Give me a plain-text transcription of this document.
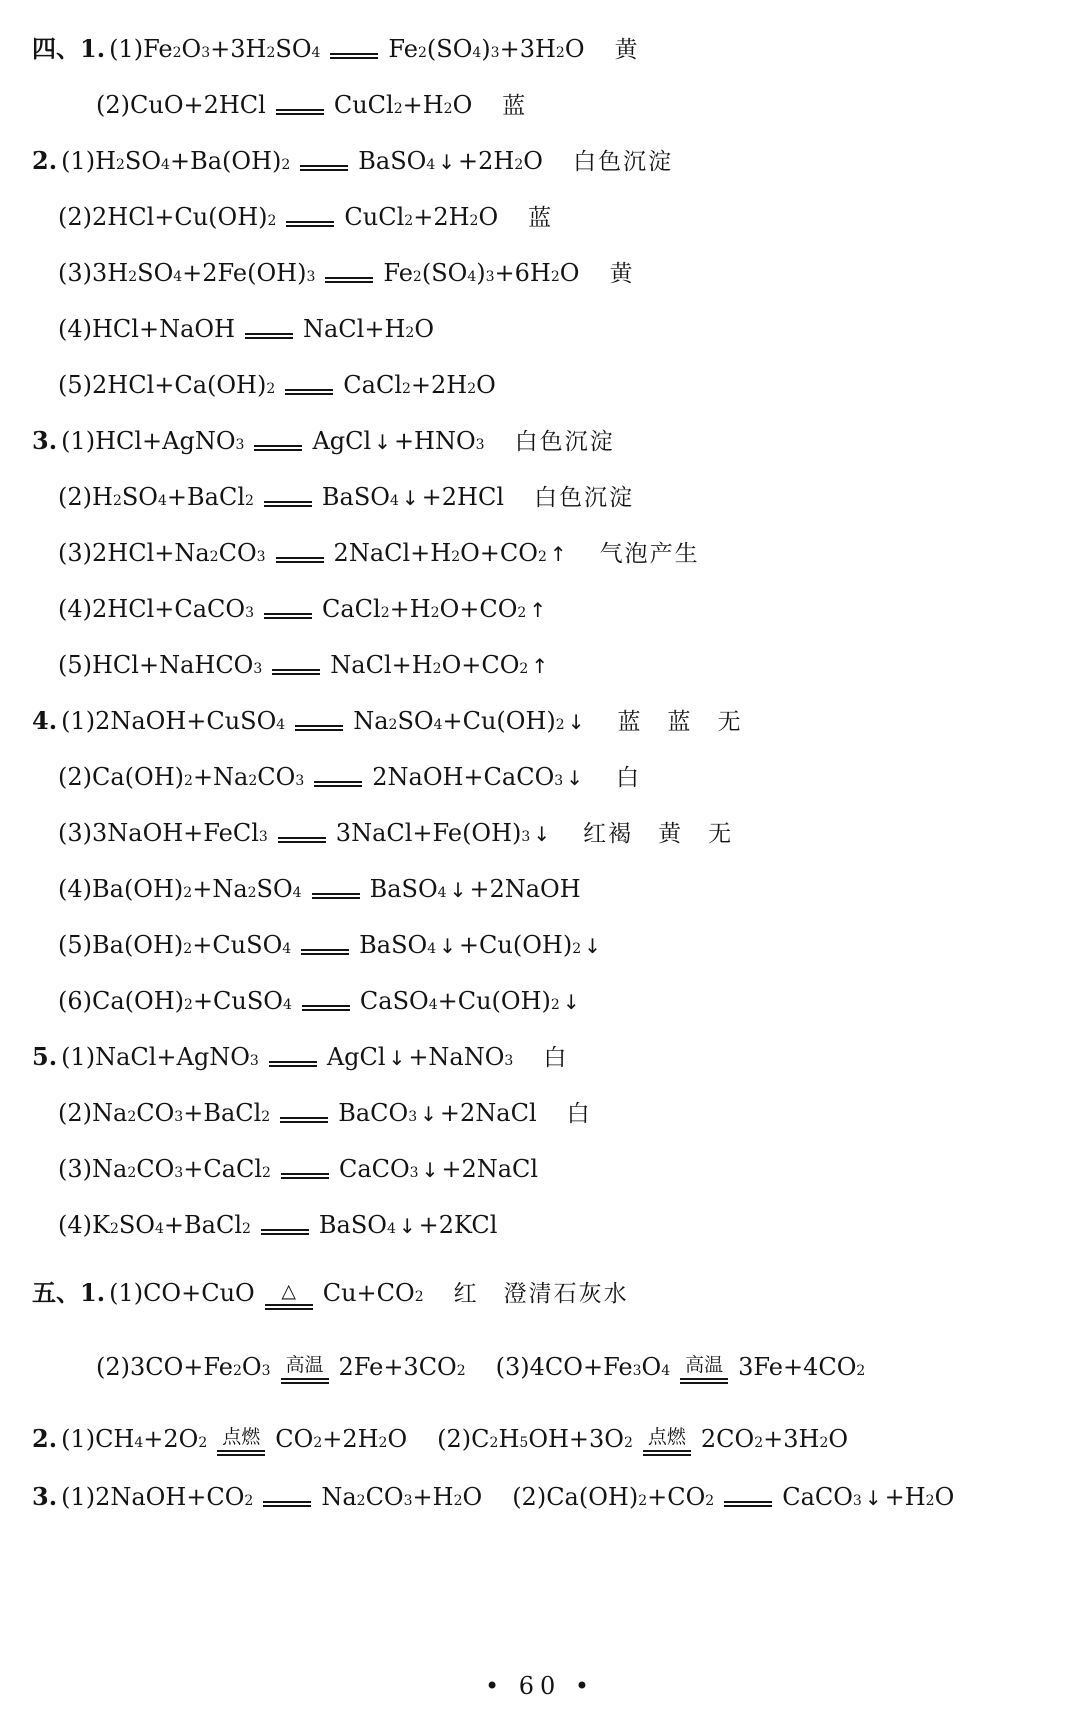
四、 1. (1) Fe 2 O 3 +3H 2 SO 4	Fe 2 (SO 4 ) 3 +3H 2 O 黄
(2) CuO+2HCl	CuCl 2 +H 2 O 蓝
2. (1) H 2 SO 4 +Ba(OH) 2	BaSO 4 ↓ +2H 2 O 白色沉淀
(2) 2HCl+Cu(OH) 2	CuCl 2 +2H 2 O 蓝
(3) 3H 2 SO 4 +2Fe(OH) 3	Fe 2 (SO 4 ) 3 +6H 2 O 黄
(4) HCl+NaOH	NaCl+H 2 O
(5) 2HCl+Ca(OH) 2	CaCl 2 +2H 2 O
3. (1) HCl+AgNO 3	AgCl ↓ +HNO 3 白色沉淀
(2) H 2 SO 4 +BaCl 2	BaSO 4 ↓ +2HCl 白色沉淀
(3) 2HCl+Na 2 CO 3	2NaCl+H 2 O+CO 2 ↑ 气泡产生
(4) 2HCl+CaCO 3	CaCl 2 +H 2 O+CO 2 ↑
(5) HCl+NaHCO 3	NaCl+H 2 O+CO 2 ↑
4. (1) 2NaOH+CuSO 4	Na 2 SO 4 +Cu(OH) 2 ↓ 蓝　蓝　无
(2) Ca(OH) 2 +Na 2 CO 3	2NaOH+CaCO 3 ↓ 白
(3) 3NaOH+FeCl 3	3NaCl+Fe(OH) 3 ↓ 红褐　黄　无
(4) Ba(OH) 2 +Na 2 SO 4	BaSO 4 ↓ +2NaOH
(5) Ba(OH) 2 +CuSO 4	BaSO 4 ↓ +Cu(OH) 2 ↓
(6) Ca(OH) 2 +CuSO 4	CaSO 4 +Cu(OH) 2 ↓
5. (1) NaCl+AgNO 3	AgCl ↓ +NaNO 3 白
(2) Na 2 CO 3 +BaCl 2	BaCO 3 ↓ +2NaCl 白
(3) Na 2 CO 3 +CaCl 2	CaCO 3 ↓ +2NaCl
(4) K 2 SO 4 +BaCl 2	BaSO 4 ↓ +2KCl
五、 1. (1) CO+CuO △ Cu+CO 2 红　澄清石灰水
(2) 3CO+Fe 2 O 3 高温 2Fe+3CO 2 (3) 4CO+Fe 3 O 4 高温 3Fe+4CO 2
2. (1) CH 4 +2O 2 点燃 CO 2 +2H 2 O (2) C 2 H 5 OH+3O 2 点燃 2CO 2 +3H 2 O
3. (1) 2NaOH+CO 2	Na 2 CO 3 +H 2 O (2) Ca(OH) 2 +CO 2	CaCO 3 ↓ +H 2 O
• 60 •
